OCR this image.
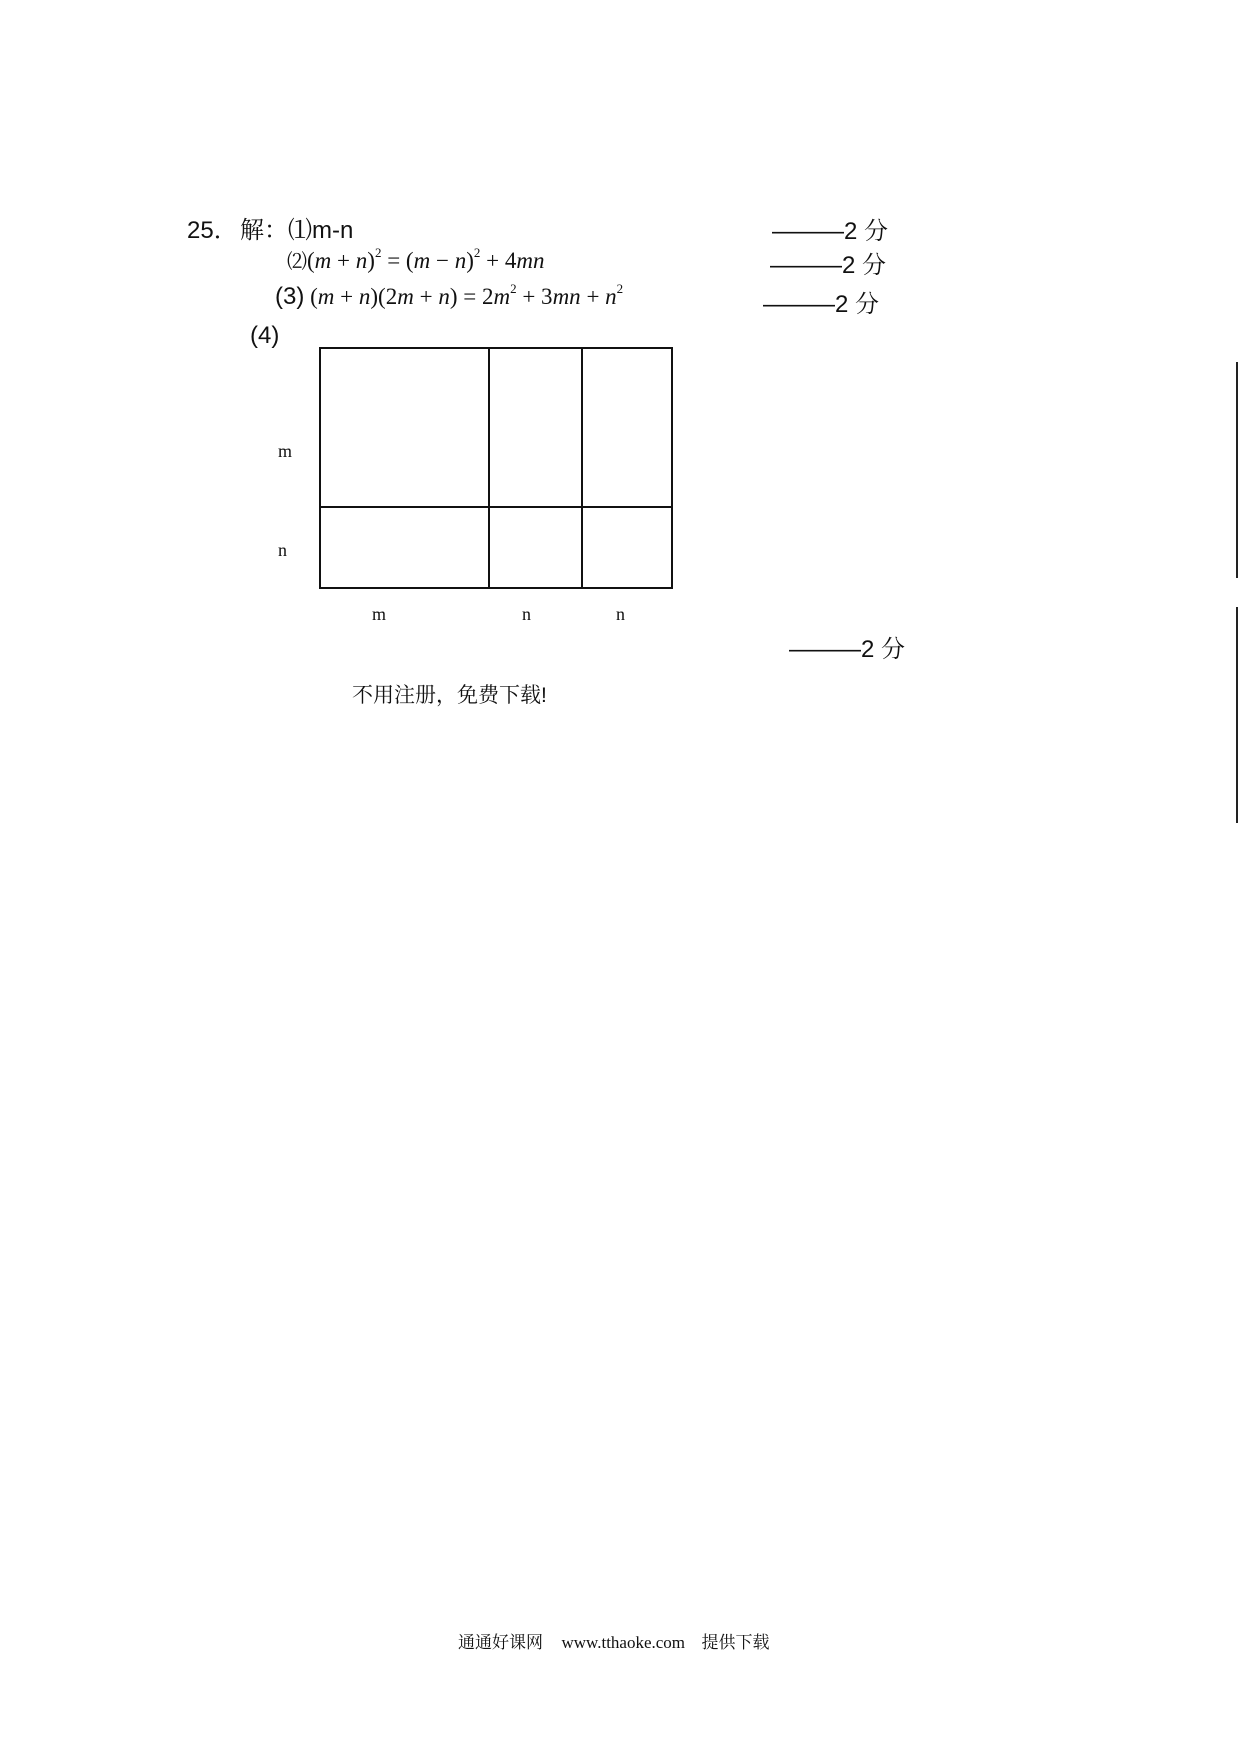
25． 解：⑴m-n	———2 分
⑵(m + $n)^2 = (m - n)^2 + 4mn$	———2 分
(3) $(m + n)(2m + n) = 2m^2 + 3mn + n^2$
———2 分
(4)
m
n
m	n	n
———2 分
不用注册，免费下载!
通通好课网 www.tthaoke.com 提供下载
